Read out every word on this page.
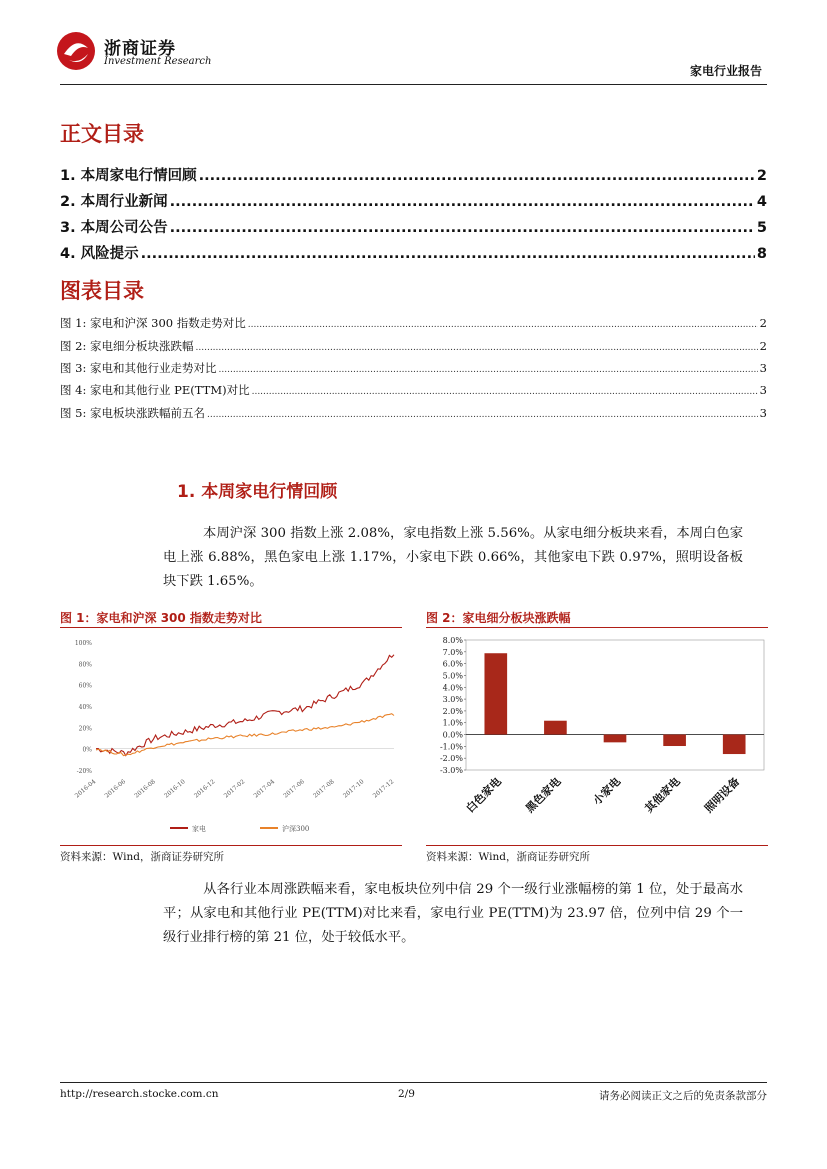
浙商证券
Investment Research
家电行业报告
正文目录
1. 本周家电行情回顾 .....	2
2. 本周行业新闻 .....	4
3. 本周公司公告 .....	5
4. 风险提示 .....	8
图表目录
图 1: 家电和沪深 300 指数走势对比 .....	2
图 2: 家电细分板块涨跌幅 .....	2
图 3: 家电和其他行业走势对比 .....	3
图 4: 家电和其他行业 PE(TTM)对比 .....	3
图 5: 家电板块涨跌幅前五名 .....	3
1. 本周家电行情回顾
本周沪深 300 指数上涨 2.08%，家电指数上涨 5.56%。从家电细分板块来看，本周白色家电上涨 6.88%，黑色家电上涨 1.17%，小家电下跌 0.66%，其他家电下跌 0.97%，照明设备板块下跌 1.65%。
图 1：家电和沪深 300 指数走势对比
100%
80%
60%
40%
20%
0%
-20%
2016-04 2016-06 2016-08 2016-10 2016-12 2017-02 2017-04 2017-06 2017-08 2017-10 2017-12
家电	沪深300
资料来源：Wind，浙商证券研究所
图 2：家电细分板块涨跌幅
8.0%
7.0%
6.0%
5.0%
4.0%
3.0%
2.0%
1.0%
0.0%
-1.0%
-2.0%
-3.0%
白色家电 黑色家电 小家电 其他家电 照明设备
资料来源：Wind，浙商证券研究所
从各行业本周涨跌幅来看，家电板块位列中信 29 个一级行业涨幅榜的第 1 位，处于最高水平；从家电和其他行业 PE(TTM)对比来看，家电行业 PE(TTM)为 23.97 倍，位列中信 29 个一级行业排行榜的第 21 位，处于较低水平。
http://research.stocke.com.cn	2/9	请务必阅读正文之后的免责条款部分
